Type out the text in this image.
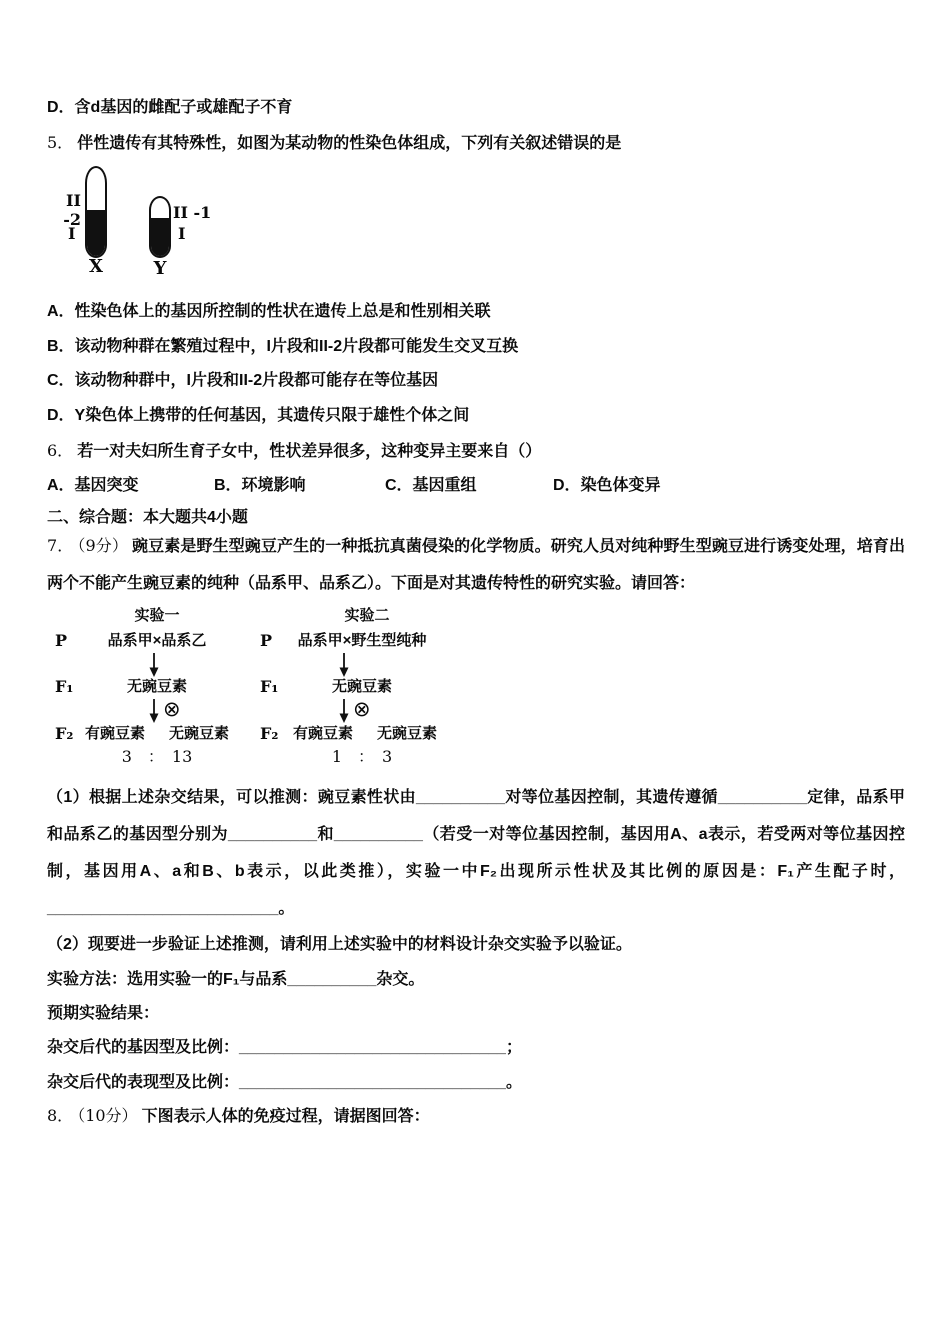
D．含d基因的雌配子或雄配子不育

5． 伴性遗传有其特殊性，如图为某动物的性染色体组成，下列有关叙述错误的是

II -2
I
X
II -1
I
Y

A．性染色体上的基因所控制的性状在遗传上总是和性别相关联

B．该动物种群在繁殖过程中，I片段和II-2片段都可能发生交叉互换

C．该动物种群中，I片段和II-2片段都可能存在等位基因

D．Y染色体上携带的任何基因，其遗传只限于雄性个体之间

6． 若一对夫妇所生育子女中，性状差异很多，这种变异主要来自（）

A．基因突变	B．环境影响	C．基因重组	D．染色体变异

二、综合题：本大题共4小题

7． （9分） 豌豆素是野生型豌豆产生的一种抵抗真菌侵染的化学物质。研究人员对纯种野生型豌豆进行诱变处理，培育出两个不能产生豌豆素的纯种（品系甲、品系乙）。下面是对其遗传特性的研究实验。请回答：

实验一
P	品系甲×品系乙
F₁	无豌豆素
⊗
F₂ 有豌豆素 无豌豆素
3　：　13
实验二
P	品系甲×野生型纯种
F₁	无豌豆素
⊗
F₂ 有豌豆素 无豌豆素
1　：　3

（1）根据上述杂交结果，可以推测：豌豆素性状由__________对等位基因控制，其遗传遵循__________定律，品系甲和品系乙的基因型分别为__________和__________（若受一对等位基因控制，基因用A、a表示，若受两对等位基因控制，基因用A、a和B、b表示，以此类推），实验一中F₂出现所示性状及其比例的原因是：F₁产生配子时，__________________________。

（2）现要进一步验证上述推测，请利用上述实验中的材料设计杂交实验予以验证。

实验方法：选用实验一的F₁与品系__________杂交。

预期实验结果：

杂交后代的基因型及比例：______________________________；

杂交后代的表现型及比例：______________________________。

8． （10分） 下图表示人体的免疫过程，请据图回答：
